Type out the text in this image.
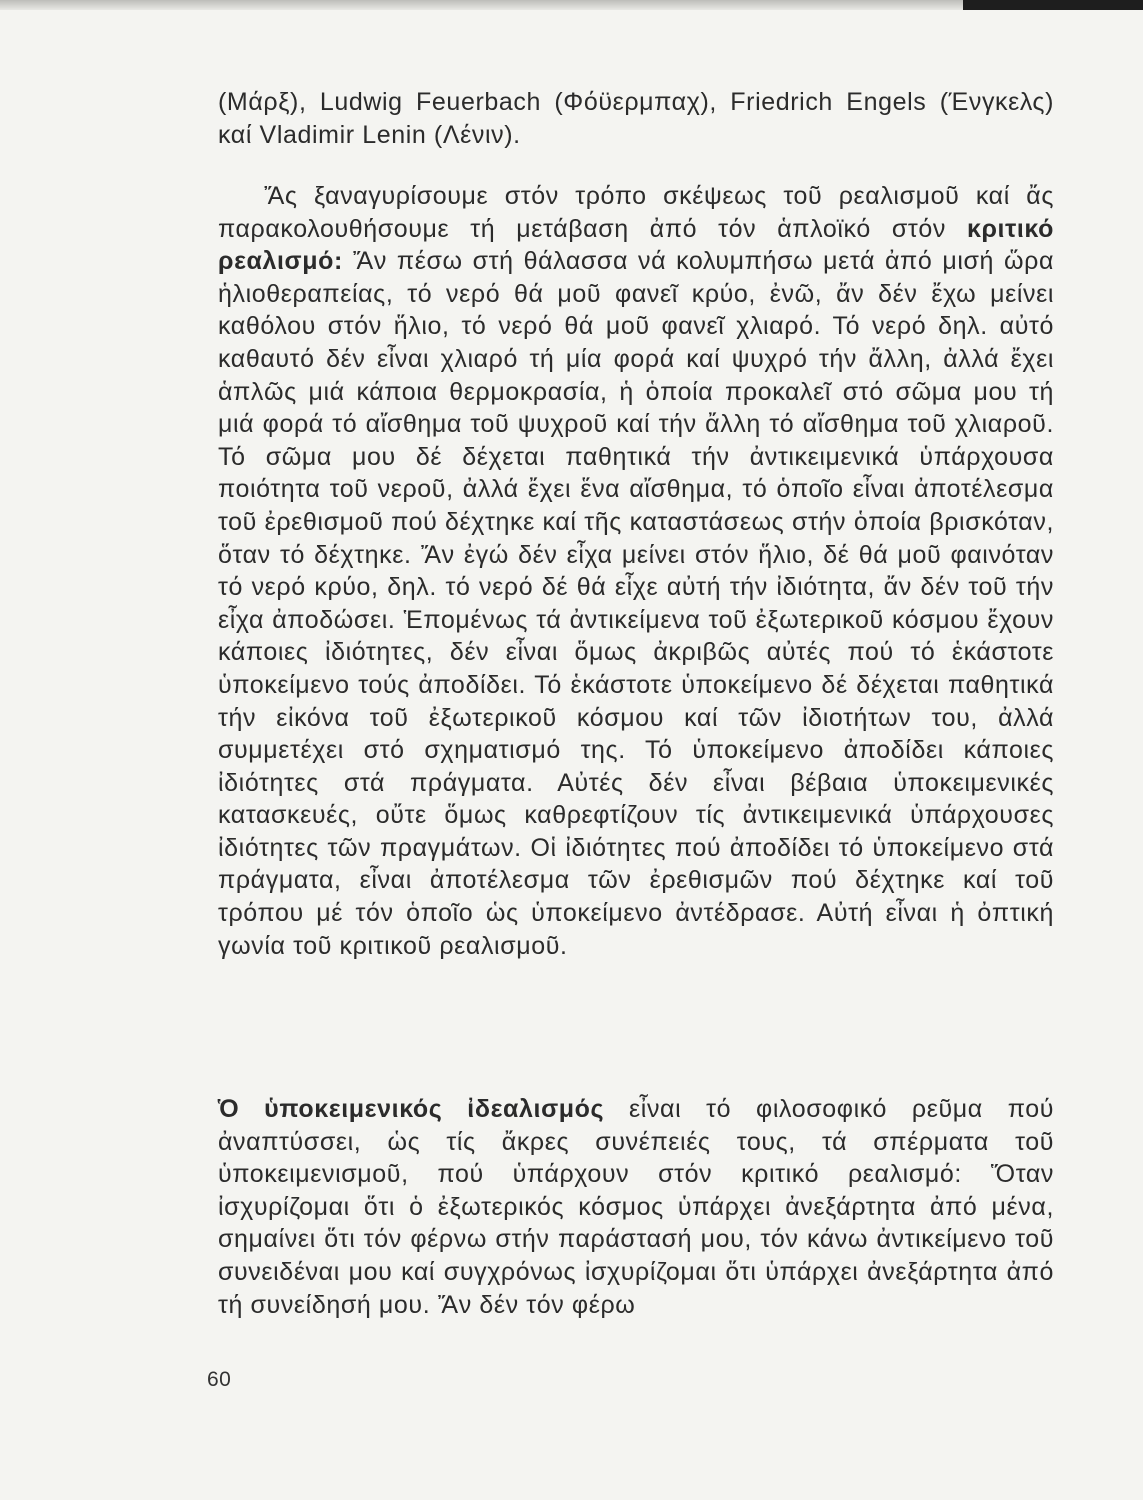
(Μάρξ), Ludwig Feuerbach (Φόϋερμπαχ), Friedrich Engels (Ένγκελς) καί Vladimir Lenin (Λένιν).

Ἄς ξαναγυρίσουμε στόν τρόπο σκέψεως τοῦ ρεαλισμοῦ καί ἄς παρακολουθήσουμε τή μετάβαση ἀπό τόν ἁπλοϊκό στόν κριτικό ρεαλισμό: Ἄν πέσω στή θάλασσα νά κολυμπήσω μετά ἀπό μισή ὥρα ἡλιοθεραπείας, τό νερό θά μοῦ φανεῖ κρύο, ἐνῶ, ἄν δέν ἔχω μείνει καθόλου στόν ἥλιο, τό νερό θά μοῦ φανεῖ χλιαρό. Τό νερό δηλ. αὐτό καθαυτό δέν εἶναι χλιαρό τή μία φορά καί ψυχρό τήν ἄλλη, ἀλλά ἔχει ἁπλῶς μιά κάποια θερμοκρασία, ἡ ὁποία προκαλεῖ στό σῶμα μου τή μιά φορά τό αἴσθημα τοῦ ψυχροῦ καί τήν ἄλλη τό αἴσθημα τοῦ χλιαροῦ. Τό σῶμα μου δέ δέχεται παθητικά τήν ἀντικειμενικά ὑπάρχουσα ποιότητα τοῦ νεροῦ, ἀλλά ἔχει ἕνα αἴσθημα, τό ὁποῖο εἶναι ἀποτέλεσμα τοῦ ἐρεθισμοῦ πού δέχτηκε καί τῆς καταστάσεως στήν ὁποία βρισκόταν, ὅταν τό δέχτηκε. Ἄν ἐγώ δέν εἶχα μείνει στόν ἥλιο, δέ θά μοῦ φαινόταν τό νερό κρύο, δηλ. τό νερό δέ θά εἶχε αὐτή τήν ἰδιότητα, ἄν δέν τοῦ τήν εἶχα ἀποδώσει. Ἑπομένως τά ἀντικείμενα τοῦ ἐξωτερικοῦ κόσμου ἔχουν κάποιες ἰδιότητες, δέν εἶναι ὅμως ἀκριβῶς αὐτές πού τό ἑκάστοτε ὑποκείμενο τούς ἀποδίδει. Τό ἑκάστοτε ὑποκείμενο δέ δέχεται παθητικά τήν εἰκόνα τοῦ ἐξωτερικοῦ κόσμου καί τῶν ἰδιοτήτων του, ἀλλά συμμετέχει στό σχηματισμό της. Τό ὑποκείμενο ἀποδίδει κάποιες ἰδιότητες στά πράγματα. Αὐτές δέν εἶναι βέβαια ὑποκειμενικές κατασκευές, οὔτε ὅμως καθρεφτίζουν τίς ἀντικειμενικά ὑπάρχουσες ἰδιότητες τῶν πραγμάτων. Οἱ ἰδιότητες πού ἀποδίδει τό ὑποκείμενο στά πράγματα, εἶναι ἀποτέλεσμα τῶν ἐρεθισμῶν πού δέχτηκε καί τοῦ τρόπου μέ τόν ὁποῖο ὡς ὑποκείμενο ἀντέδρασε. Αὐτή εἶναι ἡ ὀπτική γωνία τοῦ κριτικοῦ ρεαλισμοῦ.

Ὁ ὑποκειμενικός ἰδεαλισμός εἶναι τό φιλοσοφικό ρεῦμα πού ἀναπτύσσει, ὡς τίς ἄκρες συνέπειές τους, τά σπέρματα τοῦ ὑποκειμενισμοῦ, πού ὑπάρχουν στόν κριτικό ρεαλισμό: Ὅταν ἰσχυρίζομαι ὅτι ὁ ἐξωτερικός κόσμος ὑπάρχει ἀνεξάρτητα ἀπό μένα, σημαίνει ὅτι τόν φέρνω στήν παράστασή μου, τόν κάνω ἀντικείμενο τοῦ συνειδέναι μου καί συγχρόνως ἰσχυρίζομαι ὅτι ὑπάρχει ἀνεξάρτητα ἀπό τή συνείδησή μου. Ἄν δέν τόν φέρω

60
